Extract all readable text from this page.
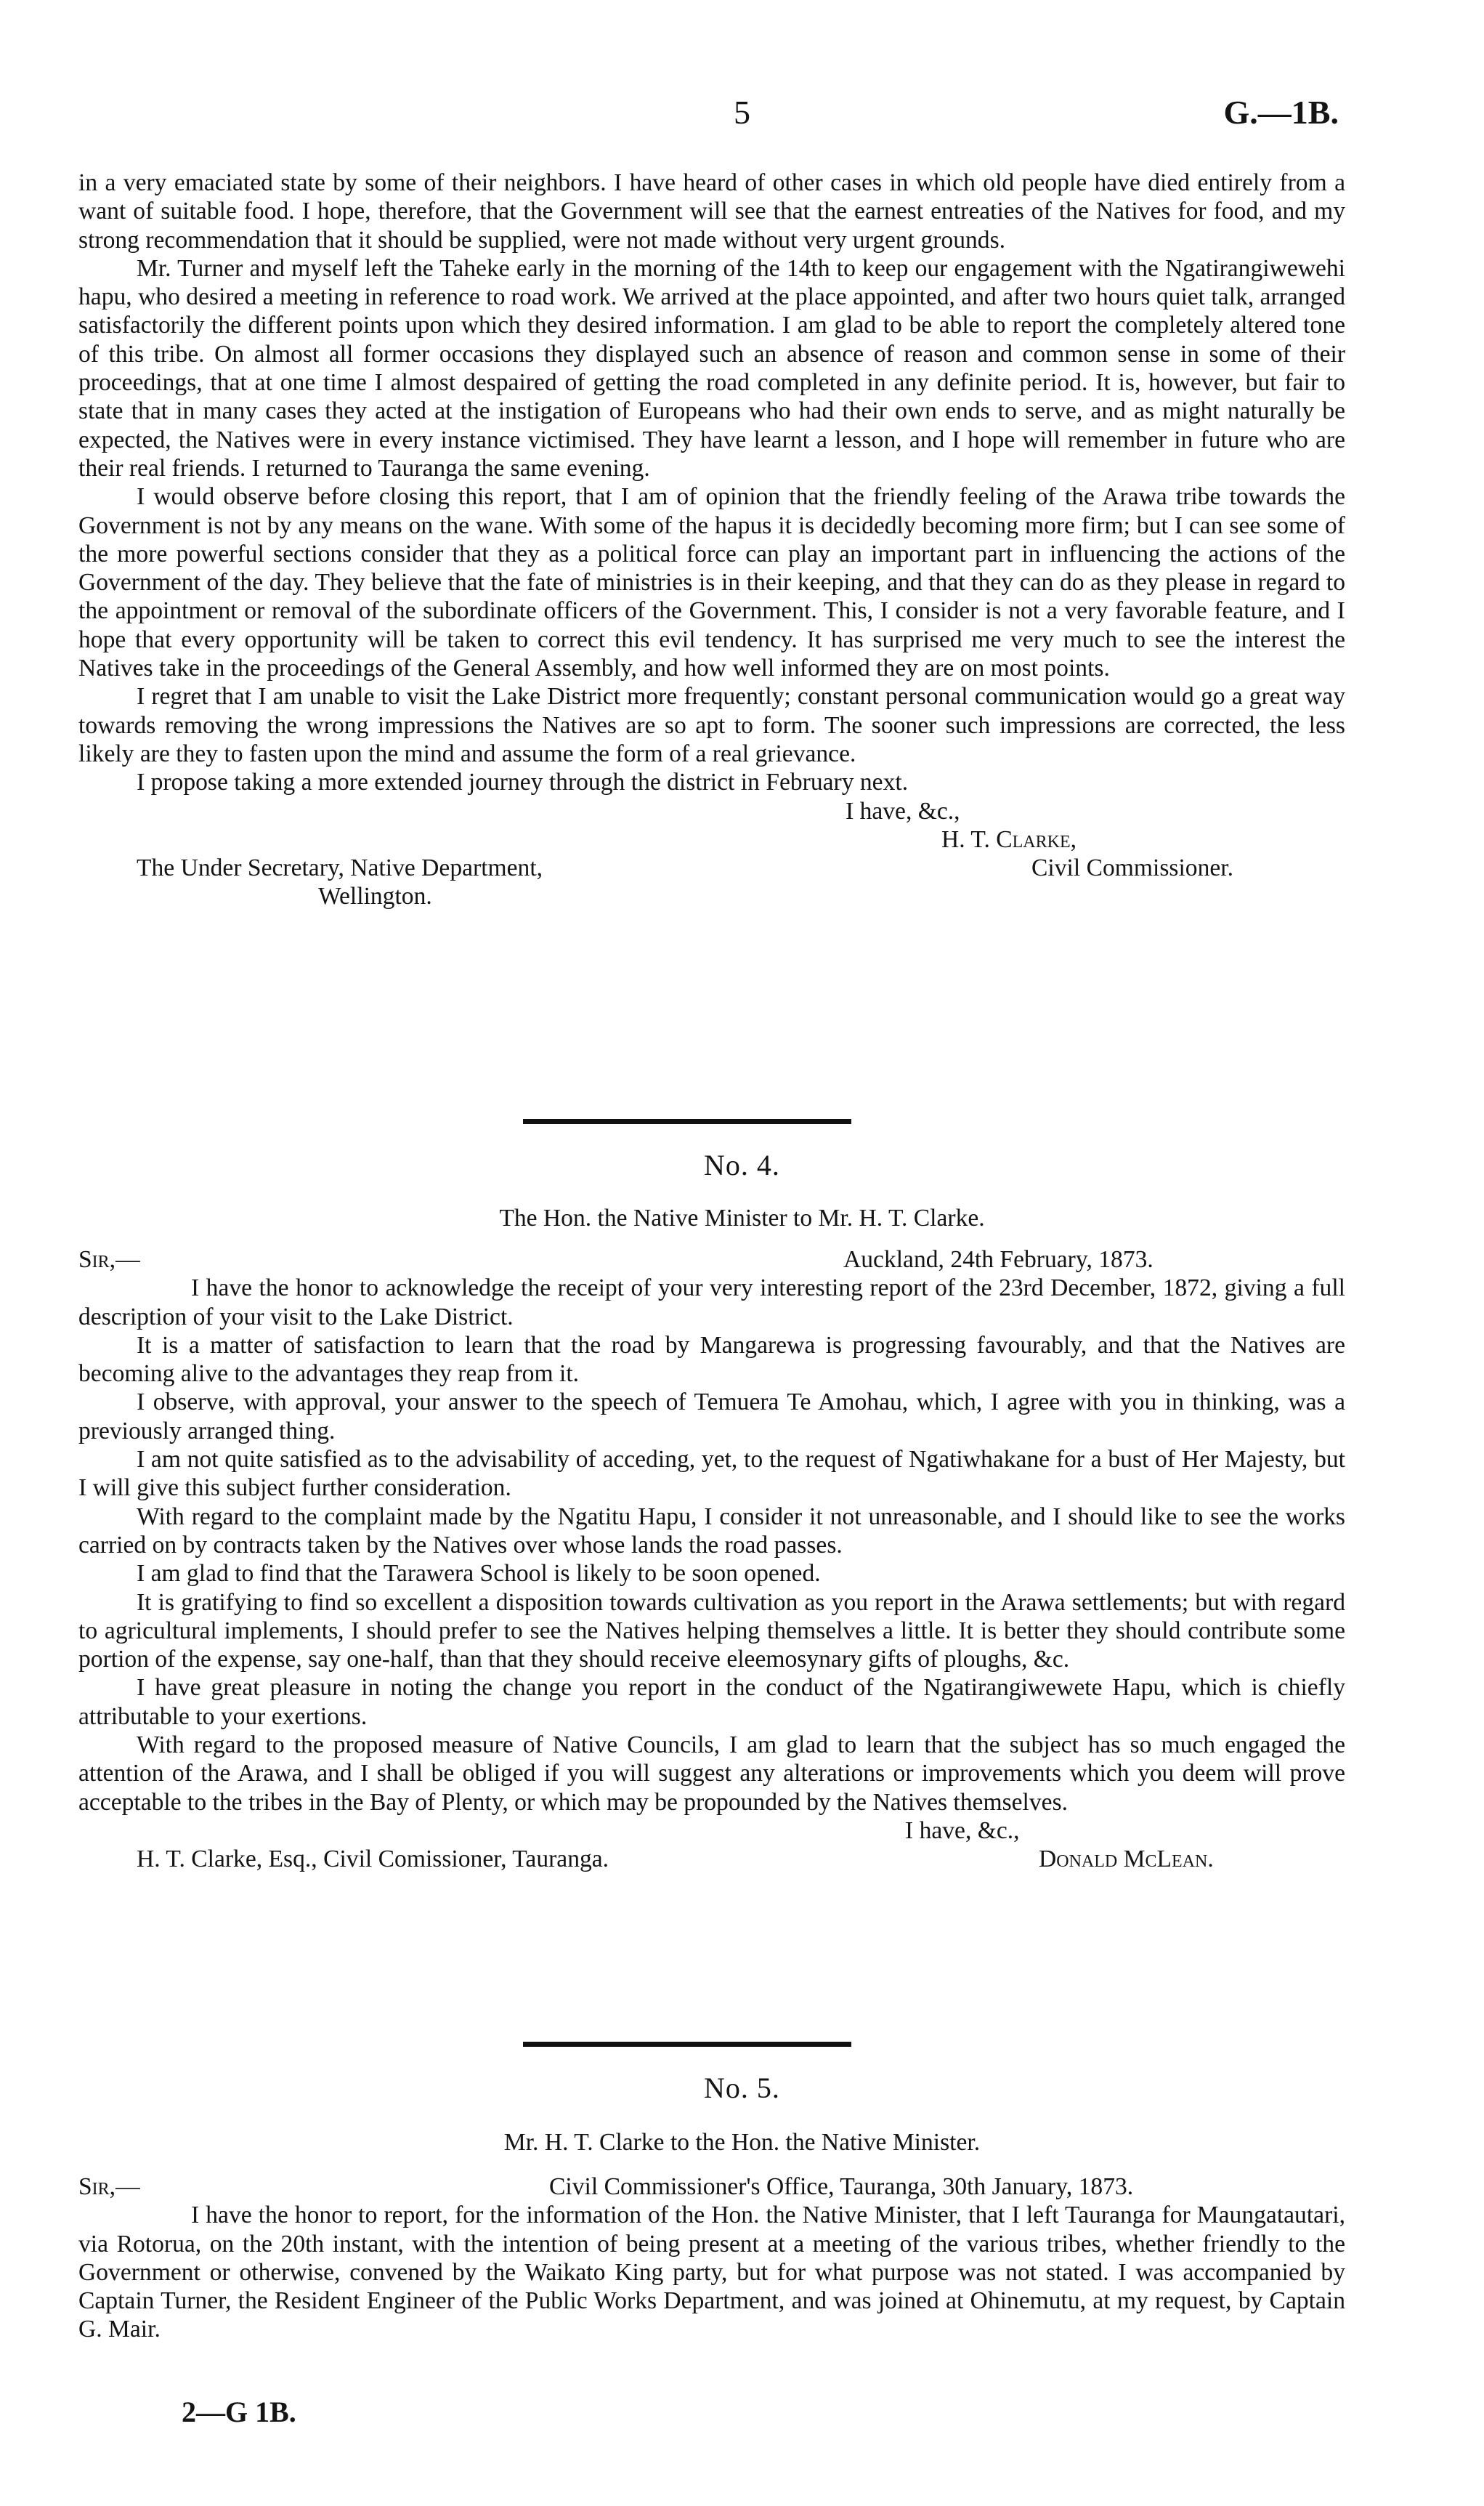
5	G.—1B.

in a very emaciated state by some of their neighbors. I have heard of other cases in which old people have died entirely from a want of suitable food. I hope, therefore, that the Government will see that the earnest entreaties of the Natives for food, and my strong recommendation that it should be supplied, were not made without very urgent grounds.

Mr. Turner and myself left the Taheke early in the morning of the 14th to keep our engagement with the Ngatirangiwewehi hapu, who desired a meeting in reference to road work. We arrived at the place appointed, and after two hours quiet talk, arranged satisfactorily the different points upon which they desired information. I am glad to be able to report the completely altered tone of this tribe. On almost all former occasions they displayed such an absence of reason and common sense in some of their proceedings, that at one time I almost despaired of getting the road completed in any definite period. It is, however, but fair to state that in many cases they acted at the instigation of Europeans who had their own ends to serve, and as might naturally be expected, the Natives were in every instance victimised. They have learnt a lesson, and I hope will remember in future who are their real friends. I returned to Tauranga the same evening.

I would observe before closing this report, that I am of opinion that the friendly feeling of the Arawa tribe towards the Government is not by any means on the wane. With some of the hapus it is decidedly becoming more firm; but I can see some of the more powerful sections consider that they as a political force can play an important part in influencing the actions of the Government of the day. They believe that the fate of ministries is in their keeping, and that they can do as they please in regard to the appointment or removal of the subordinate officers of the Government. This, I consider is not a very favorable feature, and I hope that every opportunity will be taken to correct this evil tendency. It has surprised me very much to see the interest the Natives take in the proceedings of the General Assembly, and how well informed they are on most points.

I regret that I am unable to visit the Lake District more frequently; constant personal communication would go a great way towards removing the wrong impressions the Natives are so apt to form. The sooner such impressions are corrected, the less likely are they to fasten upon the mind and assume the form of a real grievance.

I propose taking a more extended journey through the district in February next.

I have, &c.,
H. T. Clarke,
The Under Secretary, Native Department,	Civil Commissioner.
Wellington.
No. 4.
The Hon. the Native Minister to Mr. H. T. Clarke.
Sir,—	Auckland, 24th February, 1873.

I have the honor to acknowledge the receipt of your very interesting report of the 23rd December, 1872, giving a full description of your visit to the Lake District.

It is a matter of satisfaction to learn that the road by Mangarewa is progressing favourably, and that the Natives are becoming alive to the advantages they reap from it.

I observe, with approval, your answer to the speech of Temuera Te Amohau, which, I agree with you in thinking, was a previously arranged thing.

I am not quite satisfied as to the advisability of acceding, yet, to the request of Ngatiwhakane for a bust of Her Majesty, but I will give this subject further consideration.

With regard to the complaint made by the Ngatitu Hapu, I consider it not unreasonable, and I should like to see the works carried on by contracts taken by the Natives over whose lands the road passes.

I am glad to find that the Tarawera School is likely to be soon opened.

It is gratifying to find so excellent a disposition towards cultivation as you report in the Arawa settlements; but with regard to agricultural implements, I should prefer to see the Natives helping themselves a little. It is better they should contribute some portion of the expense, say one-half, than that they should receive eleemosynary gifts of ploughs, &c.

I have great pleasure in noting the change you report in the conduct of the Ngatirangiwewete Hapu, which is chiefly attributable to your exertions.

With regard to the proposed measure of Native Councils, I am glad to learn that the subject has so much engaged the attention of the Arawa, and I shall be obliged if you will suggest any alterations or improvements which you deem will prove acceptable to the tribes in the Bay of Plenty, or which may be propounded by the Natives themselves.

I have, &c.,
H. T. Clarke, Esq., Civil Comissioner, Tauranga.	Donald McLean.
No. 5.
Mr. H. T. Clarke to the Hon. the Native Minister.
Sir,—	Civil Commissioner's Office, Tauranga, 30th January, 1873.

I have the honor to report, for the information of the Hon. the Native Minister, that I left Tauranga for Maungatautari, via Rotorua, on the 20th instant, with the intention of being present at a meeting of the various tribes, whether friendly to the Government or otherwise, convened by the Waikato King party, but for what purpose was not stated. I was accompanied by Captain Turner, the Resident Engineer of the Public Works Department, and was joined at Ohinemutu, at my request, by Captain G. Mair.

2—G 1B.
